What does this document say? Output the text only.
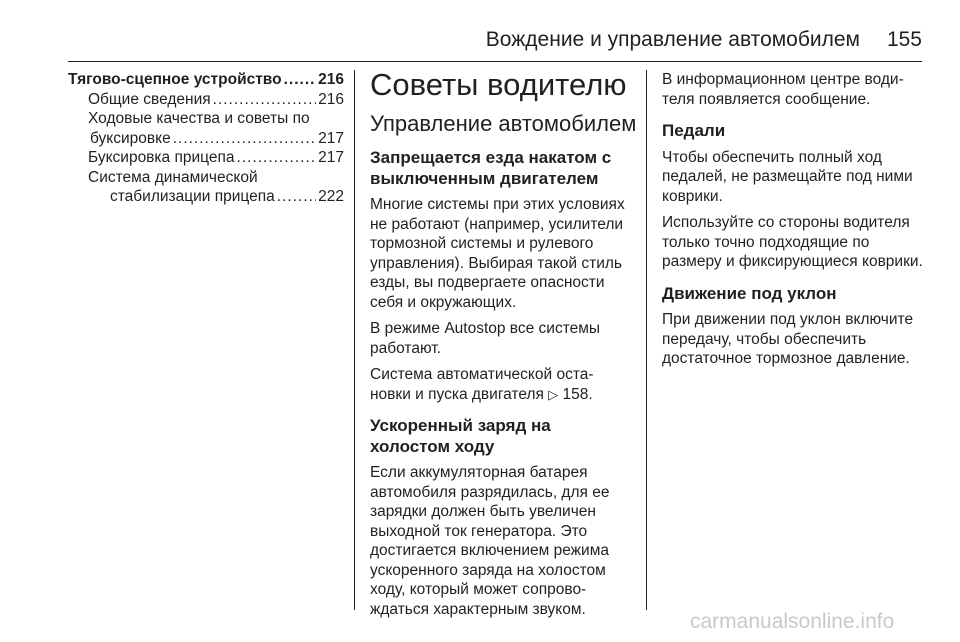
Вождение и управление автомобилем 155
Тягово-сцепное устройство ..... 216
Общие сведения .....	216
Ходовые качества и советы по
буксировке .....	217
Буксировка прицепа .....	217
Система динамической
стабилизации прицепа .....	222
Советы водителю
Управление автомобилем
Запрещается езда накатом с выключенным двигателем

Многие системы при этих условиях не работают (например, усилители тормозной системы и рулевого управления). Выбирая такой стиль езды, вы подвергаете опасности себя и окружающих.

В режиме Autostop все системы работают.

Система автоматической оста-новки и пуска двигателя ▷ 158.

Ускоренный заряд на холостом ходу

Если аккумуляторная батарея автомобиля разрядилась, для ее зарядки должен быть увеличен выходной ток генератора. Это достигается включением режима ускоренного заряда на холостом ходу, который может сопрово-ждаться характерным звуком.

В информационном центре води-теля появляется сообщение.

Педали

Чтобы обеспечить полный ход педалей, не размещайте под ними коврики.

Используйте со стороны водителя только точно подходящие по размеру и фиксирующиеся коврики.

Движение под уклон

При движении под уклон включите передачу, чтобы обеспечить достаточное тормозное давление.

carmanualsonline.info
